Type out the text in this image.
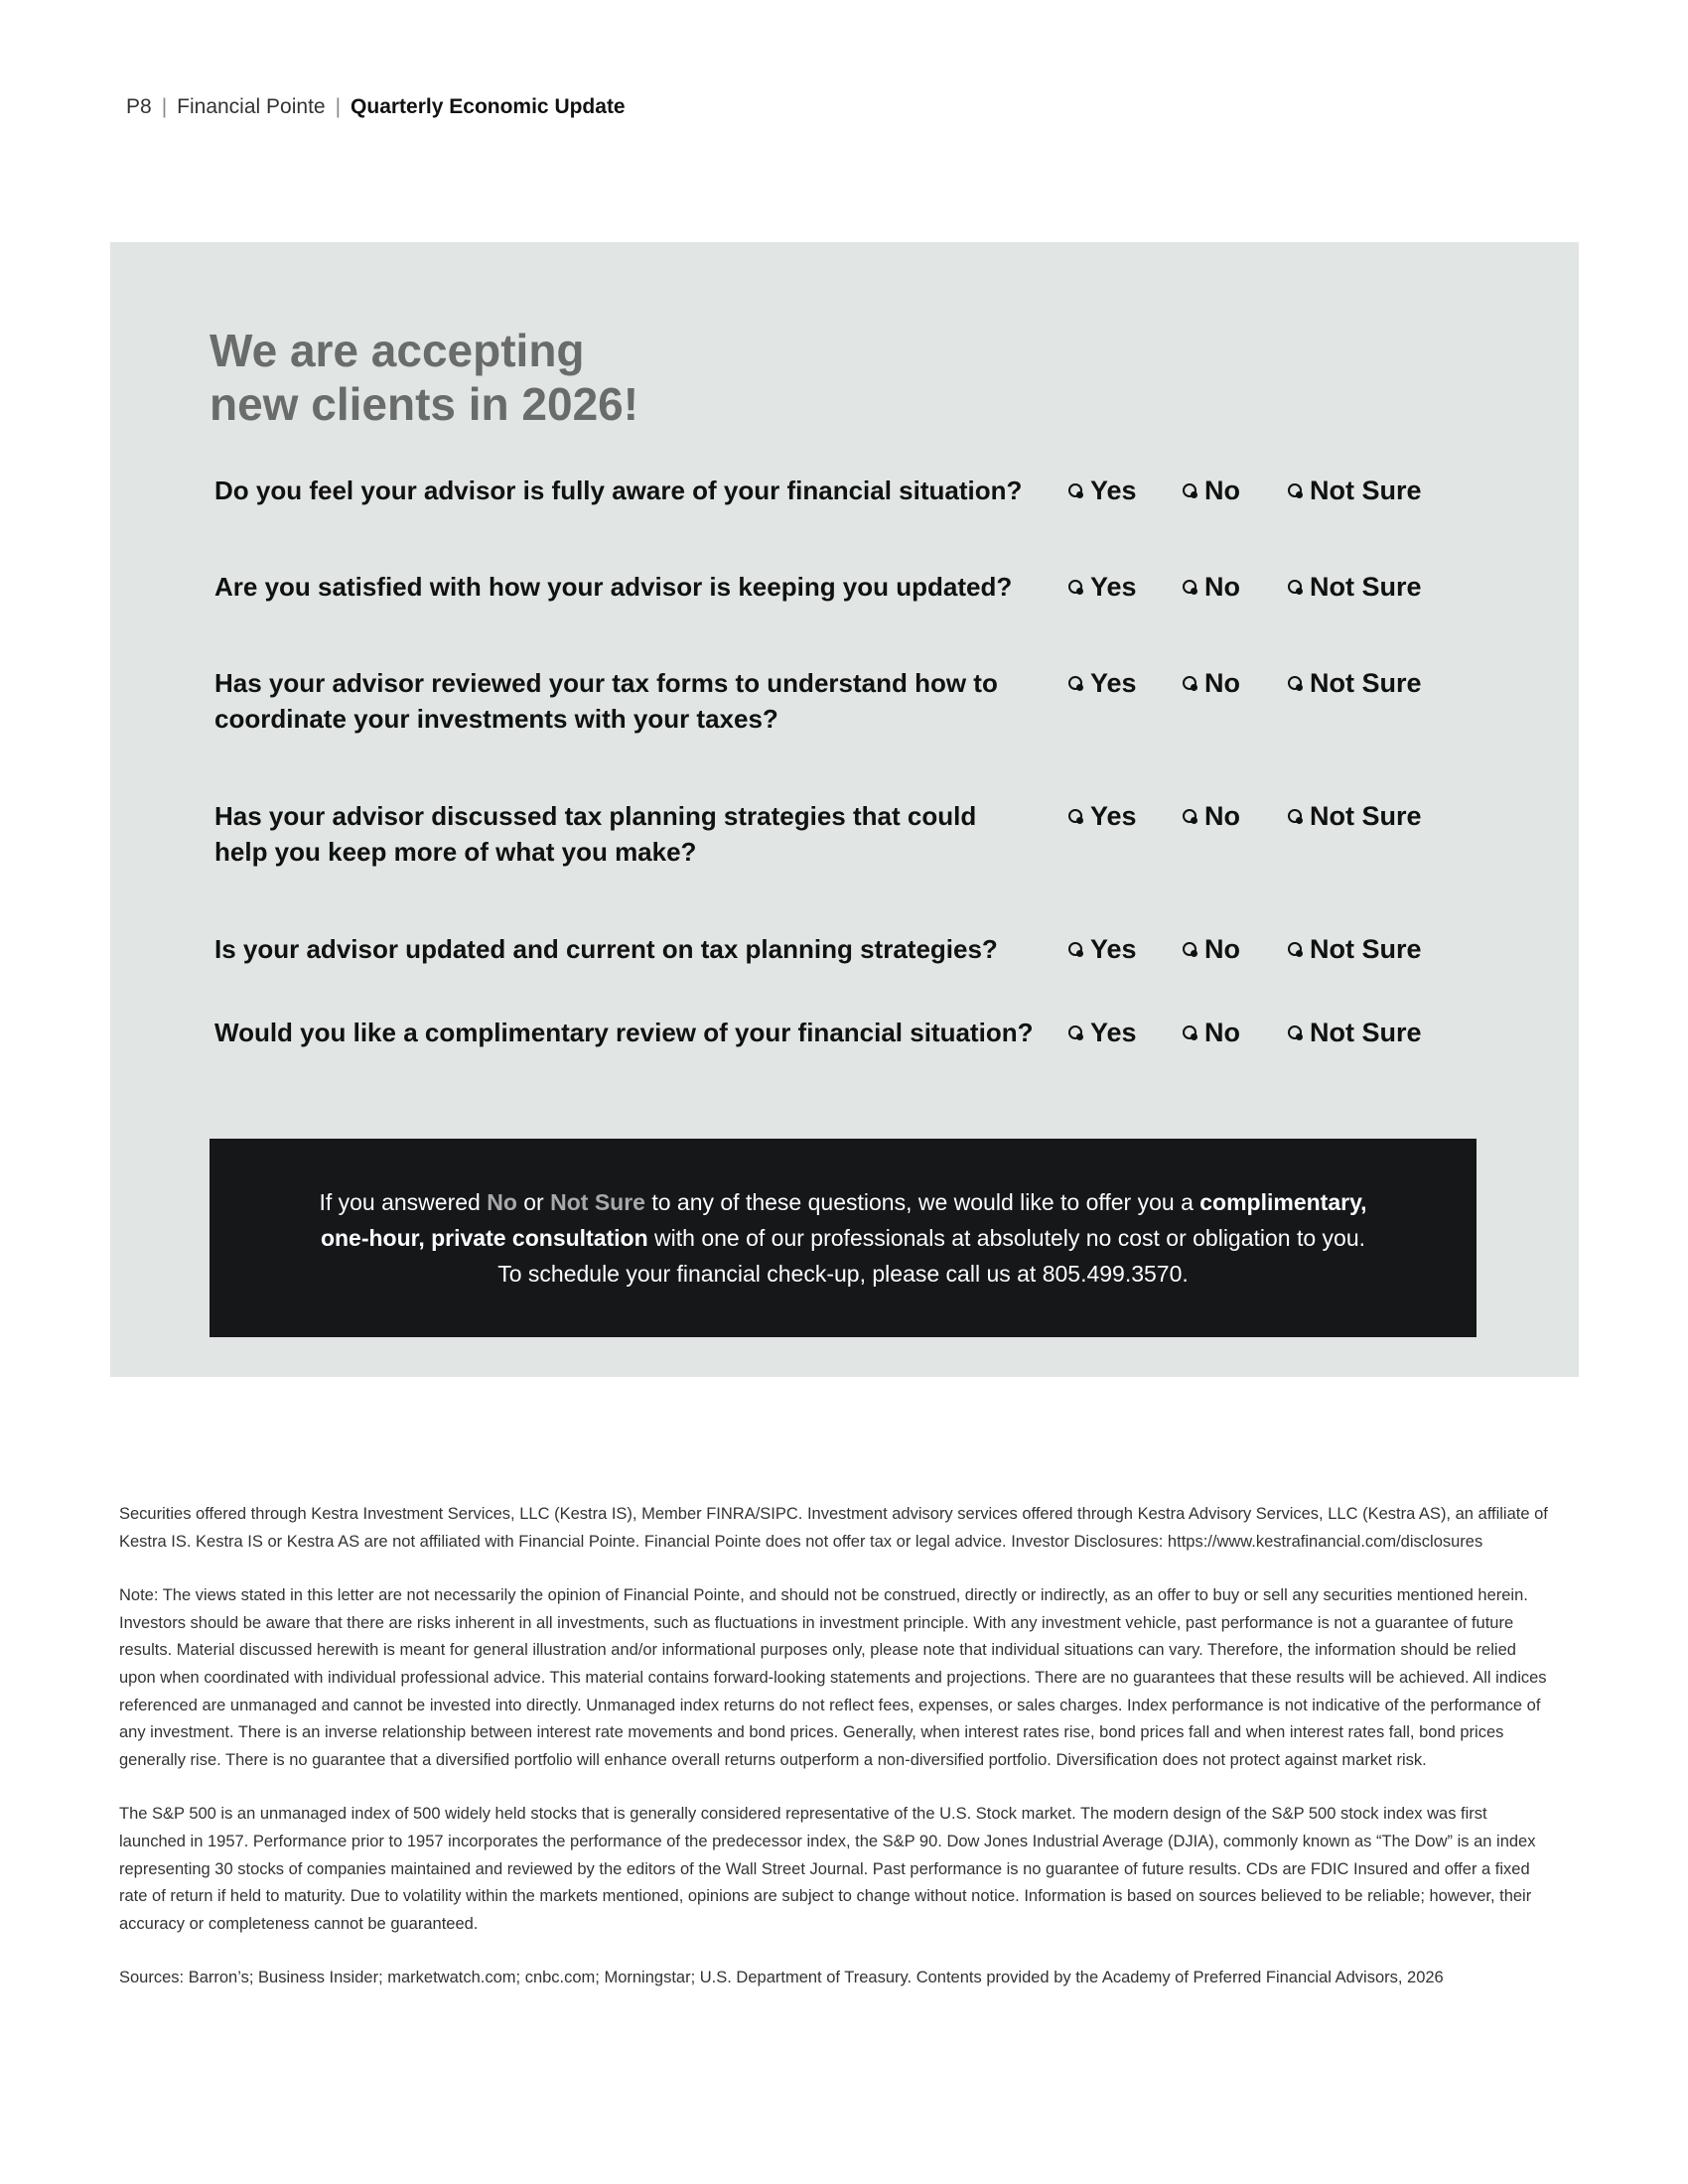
P8 | Financial Pointe | Quarterly Economic Update
We are accepting
new clients in 2026!
Do you feel your advisor is fully aware of your financial situation?	Yes	No	Not Sure
Are you satisfied with how your advisor is keeping you updated?	Yes	No	Not Sure
Has your advisor reviewed your tax forms to understand how to coordinate your investments with your taxes?
Yes	No	Not Sure
Has your advisor discussed tax planning strategies that could help you keep more of what you make?
Yes	No	Not Sure
Is your advisor updated and current on tax planning strategies?	Yes	No	Not Sure
Would you like a complimentary review of your financial situation?	Yes	No	Not Sure

If you answered No or Not Sure to any of these questions, we would like to offer you a complimentary, one-hour, private consultation with one of our professionals at absolutely no cost or obligation to you. To schedule your financial check-up, please call us at 805.499.3570.

Securities offered through Kestra Investment Services, LLC (Kestra IS), Member FINRA/SIPC. Investment advisory services offered through Kestra Advisory Services, LLC (Kestra AS), an affiliate of Kestra IS. Kestra IS or Kestra AS are not affiliated with Financial Pointe. Financial Pointe does not offer tax or legal advice. Investor Disclosures: https://www.kestrafinancial.com/disclosures

Note: The views stated in this letter are not necessarily the opinion of Financial Pointe, and should not be construed, directly or indirectly, as an offer to buy or sell any securities mentioned herein. Investors should be aware that there are risks inherent in all investments, such as fluctuations in investment principle. With any investment vehicle, past performance is not a guarantee of future results. Material discussed herewith is meant for general illustration and/or informational purposes only, please note that individual situations can vary. Therefore, the information should be relied upon when coordinated with individual professional advice. This material contains forward-looking statements and projections. There are no guarantees that these results will be achieved. All indices referenced are unmanaged and cannot be invested into directly. Unmanaged index returns do not reflect fees, expenses, or sales charges. Index performance is not indicative of the performance of any investment. There is an inverse relationship between interest rate movements and bond prices. Generally, when interest rates rise, bond prices fall and when interest rates fall, bond prices generally rise. There is no guarantee that a diversified portfolio will enhance overall returns outperform a non-diversified portfolio. Diversification does not protect against market risk.

The S&P 500 is an unmanaged index of 500 widely held stocks that is generally considered representative of the U.S. Stock market. The modern design of the S&P 500 stock index was first launched in 1957. Performance prior to 1957 incorporates the performance of the predecessor index, the S&P 90. Dow Jones Industrial Average (DJIA), commonly known as “The Dow” is an index representing 30 stocks of companies maintained and reviewed by the editors of the Wall Street Journal. Past performance is no guarantee of future results. CDs are FDIC Insured and offer a fixed rate of return if held to maturity. Due to volatility within the markets mentioned, opinions are subject to change without notice. Information is based on sources believed to be reliable; however, their accuracy or completeness cannot be guaranteed.

Sources: Barron’s; Business Insider; marketwatch.com; cnbc.com; Morningstar; U.S. Department of Treasury. Contents provided by the Academy of Preferred Financial Advisors, 2026
